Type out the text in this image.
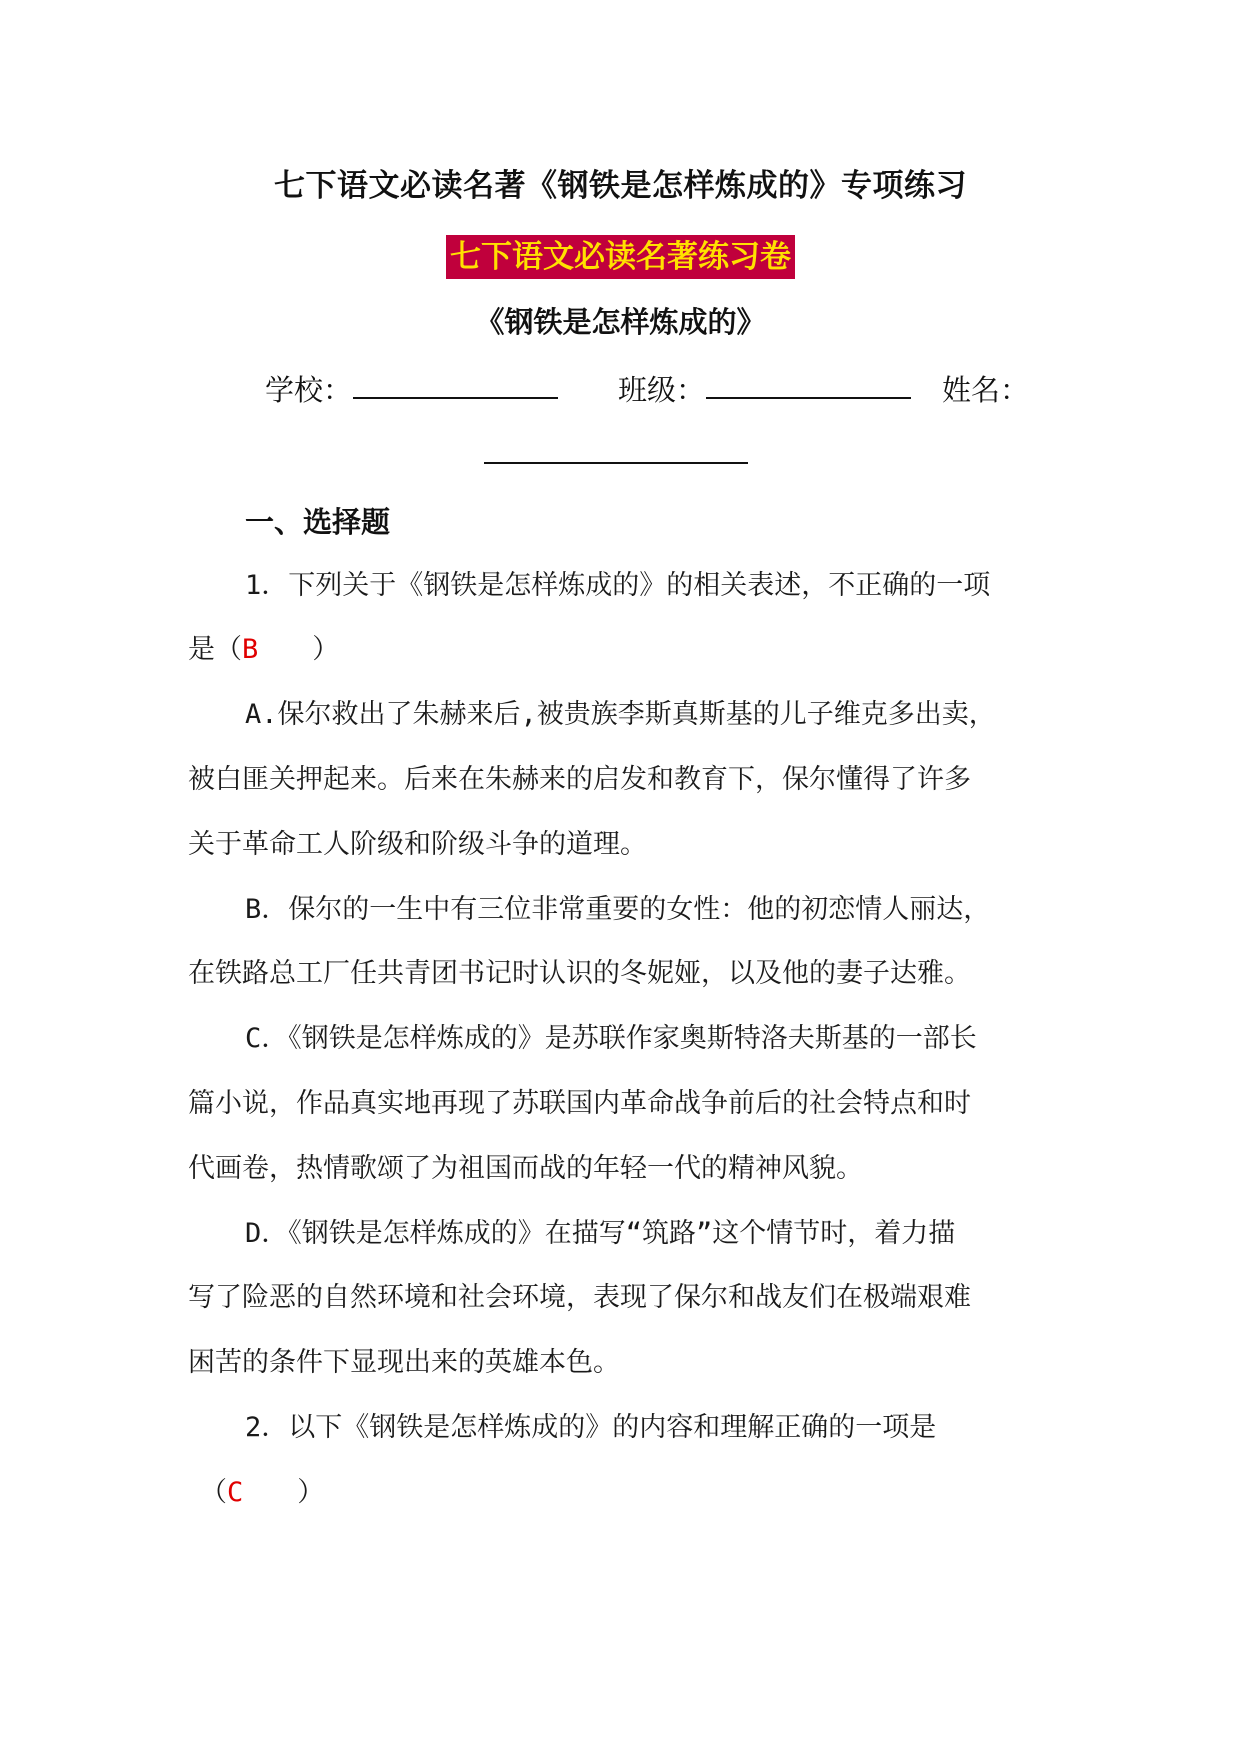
七下语文必读名著《钢铁是怎样炼成的》专项练习
七下语文必读名著练习卷
《钢铁是怎样炼成的》
学校：	班级：	姓名：
一、选择题
1．下列关于《钢铁是怎样炼成的》的相关表述，不正确的一项
是（B　　）
A.保尔救出了朱赫来后,被贵族李斯真斯基的儿子维克多出卖，
被白匪关押起来。后来在朱赫来的启发和教育下，保尔懂得了许多
关于革命工人阶级和阶级斗争的道理。
B．保尔的一生中有三位非常重要的女性：他的初恋情人丽达，
在铁路总工厂任共青团书记时认识的冬妮娅，以及他的妻子达雅。
C．《钢铁是怎样炼成的》是苏联作家奥斯特洛夫斯基的一部长
篇小说，作品真实地再现了苏联国内革命战争前后的社会特点和时
代画卷，热情歌颂了为祖国而战的年轻一代的精神风貌。
D．《钢铁是怎样炼成的》在描写“筑路”这个情节时，着力描
写了险恶的自然环境和社会环境，表现了保尔和战友们在极端艰难
困苦的条件下显现出来的英雄本色。
2．以下《钢铁是怎样炼成的》的内容和理解正确的一项是
（C　　）
